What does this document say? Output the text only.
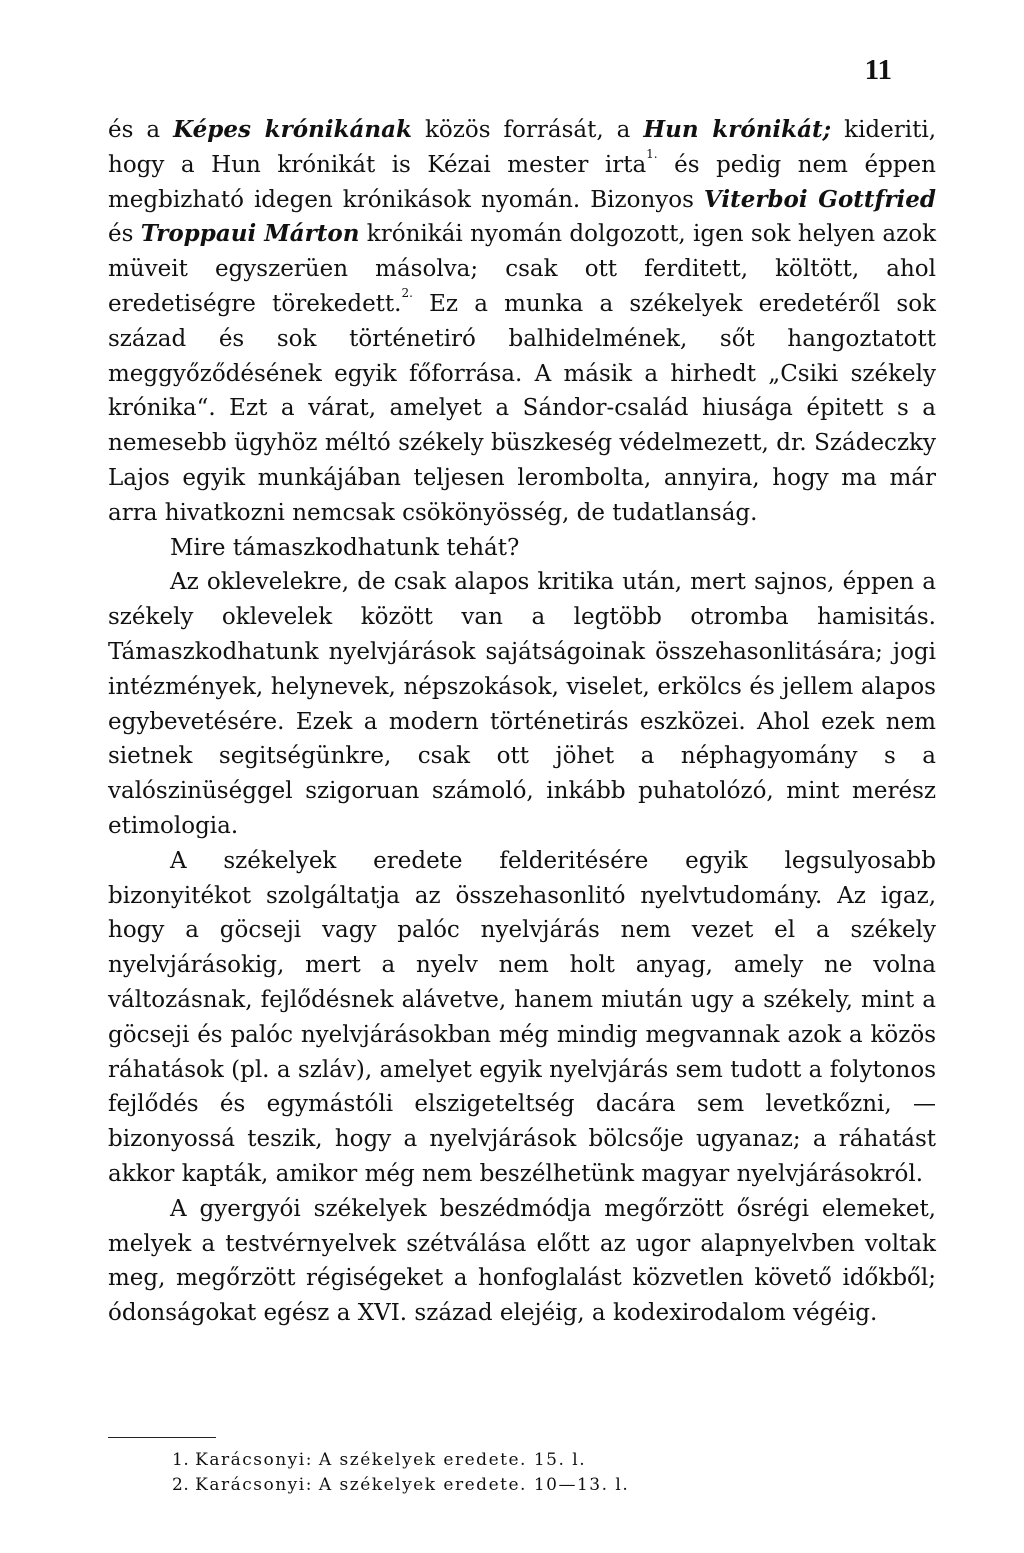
11

és a Képes krónikának közös forrását, a Hun krónikát; kideriti, hogy a Hun krónikát is Kézai mester irta$^{1.}$ és pedig nem éppen megbizható idegen krónikások nyomán. Bizonyos Viterboi Gottfried és Troppaui Márton krónikái nyomán dolgozott, igen sok helyen azok müveit egyszerüen másolva; csak ott ferditett, költött, ahol eredetiségre törekedett.$^{2.}$ Ez a munka a székelyek eredetéről sok század és sok történetiró balhidelmének, sőt hangoztatott meggyőződésének egyik főforrása. A másik a hirhedt „Csiki székely krónika“. Ezt a várat, amelyet a Sándor-család hiusága épitett s a nemesebb ügyhöz méltó székely büszkeség védelmezett, dr. Szádeczky Lajos egyik munkájában teljesen lerombolta, annyira, hogy ma már arra hivatkozni nemcsak csökönyösség, de tudatlanság.

Mire támaszkodhatunk tehát?

Az oklevelekre, de csak alapos kritika után, mert sajnos, éppen a székely oklevelek között van a legtöbb otromba hamisitás. Támaszkodhatunk nyelvjárások sajátságoinak összehasonlitására; jogi intézmények, helynevek, népszokások, viselet, erkölcs és jellem alapos egybevetésére. Ezek a modern történetirás eszközei. Ahol ezek nem sietnek segitségünkre, csak ott jöhet a néphagyomány s a valószinüséggel szigoruan számoló, inkább puhatolózó, mint merész etimologia.

A székelyek eredete felderitésére egyik legsulyosabb bizonyitékot szolgáltatja az összehasonlitó nyelvtudomány. Az igaz, hogy a göcseji vagy palóc nyelvjárás nem vezet el a székely nyelvjárásokig, mert a nyelv nem holt anyag, amely ne volna változásnak, fejlődésnek alávetve, hanem miután ugy a székely, mint a göcseji és palóc nyelvjárásokban még mindig megvannak azok a közös ráhatások (pl. a szláv), amelyet egyik nyelvjárás sem tudott a folytonos fejlődés és egymástóli elszigeteltség dacára sem levetkőzni, — bizonyossá teszik, hogy a nyelvjárások bölcsője ugyanaz; a ráhatást akkor kapták, amikor még nem beszélhetünk magyar nyelvjárásokról.

A gyergyói székelyek beszédmódja megőrzött ősrégi elemeket, melyek a testvérnyelvek szétválása előtt az ugor alapnyelvben voltak meg, megőrzött régiségeket a honfoglalást közvetlen követő időkből; ódonságokat egész a XVI. század elejéig, a kodexirodalom végéig.

1. Karácsonyi: A székelyek eredete. 15. l.

2. Karácsonyi: A székelyek eredete. 10—13. l.
